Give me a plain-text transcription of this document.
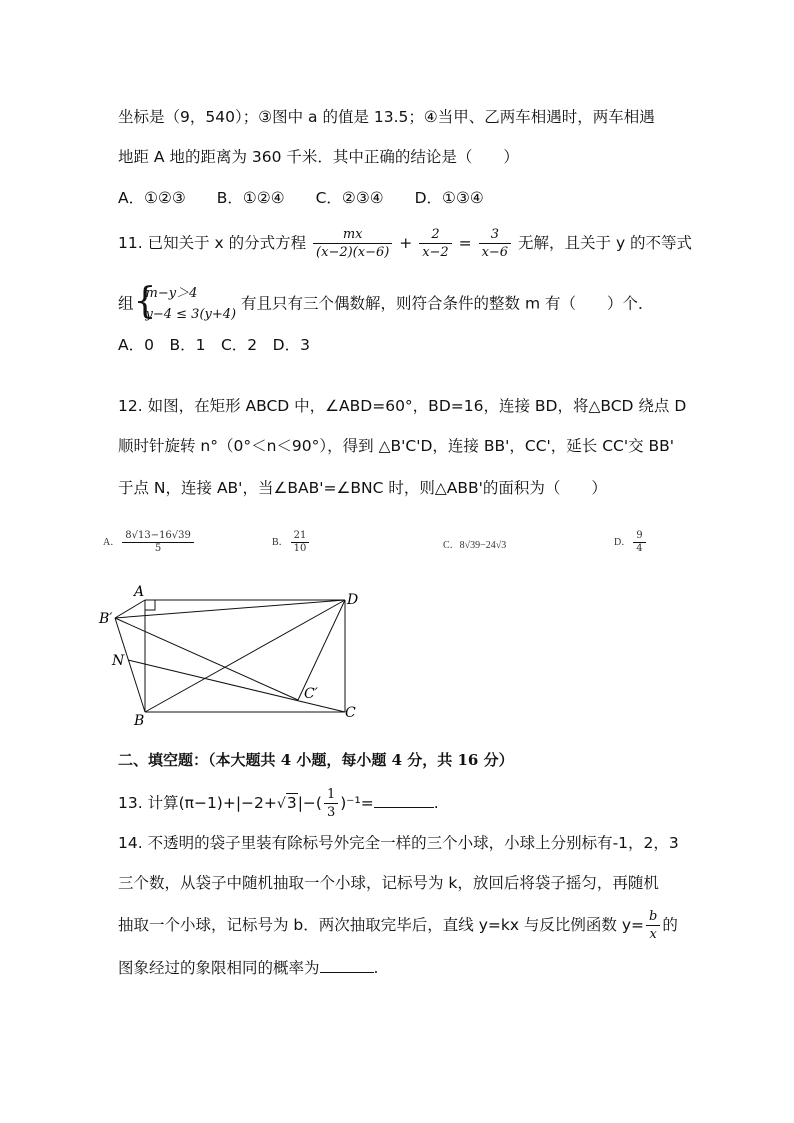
坐标是（9，540）；③图中 a 的值是 13.5；④当甲、乙两车相遇时，两车相遇
地距 A 地的距离为 360 千米．其中正确的结论是（　　）
A．①②③　　B．①②④　　C．②③④　　D．①③④
11. 已知关于 x 的分式方程 $\frac{mx}{(x-2)(x-6)} + \frac{2}{x-2} = \frac{3}{x-6}$ 无解，且关于 y 的不等式
组 {
m−y＞4
y−4 ≤ 3(y+4)
有且只有三个偶数解，则符合条件的整数 m 有（　　）个．
A．0　B．1　C．2　D．3
12. 如图，在矩形 ABCD 中，∠ABD=60°，BD=16，连接 BD，将△BCD 绕点 D
顺时针旋转 n°（0°＜n＜90°），得到 △B'C'D，连接 BB'，CC'，延长 CC'交 BB'
于点 N，连接 AB'，当∠BAB'=∠BNC 时，则△ABB'的面积为（　　）
A． $\frac{8√13-16√39}{5}$	B． $\frac{21}{10}$	C．8√39−24√3	D． $\frac{9}{4}$
A
B′
D
N
C′
B	C
二、填空题：（本大题共 4 小题，每小题 4 分，共 16 分）
13. 计算$(\pi-1)+|-2+√3|-( \frac{1}{3} )^{-1}=$	.
14. 不透明的袋子里装有除标号外完全一样的三个小球，小球上分别标有-1，2，3
三个数，从袋子中随机抽取一个小球，记标号为 k，放回后将袋子摇匀，再随机
抽取一个小球，记标号为 b．两次抽取完毕后，直线 y=kx 与反比例函数 $y= \frac{b}{x}$ 的
图象经过的象限相同的概率为	.
